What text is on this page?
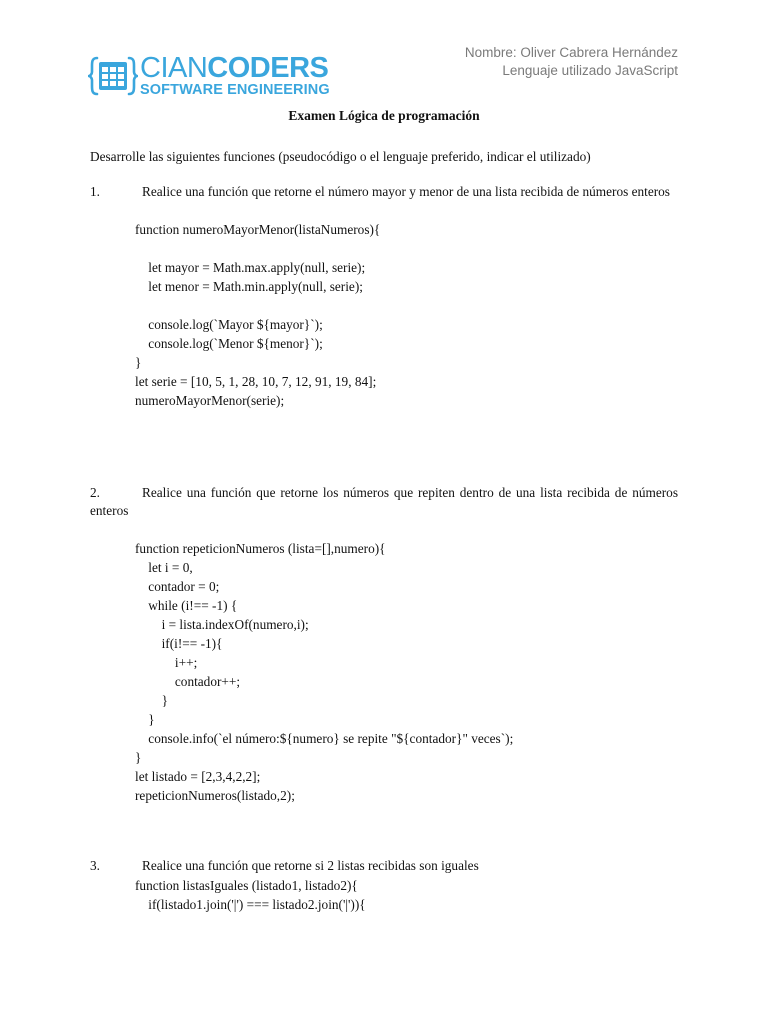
CIANCODERS
SOFTWARE ENGINEERING
Nombre: Oliver Cabrera Hernández
Lenguaje utilizado JavaScript
Examen Lógica de programación
Desarrolle las siguientes funciones (pseudocódigo o el lenguaje preferido, indicar el utilizado)
1.	Realice una función que retorne el número mayor y menor de una lista recibida de números enteros
function numeroMayorMenor(listaNumeros){
let mayor = Math.max.apply(null, serie);
let menor = Math.min.apply(null, serie);
console.log(`Mayor ${mayor}`);
console.log(`Menor ${menor}`);
}
let serie = [10, 5, 1, 28, 10, 7, 12, 91, 19, 84];
numeroMayorMenor(serie);
2.	Realice una función que retorne los números que repiten dentro de una lista recibida de números enteros
function repeticionNumeros (lista=[],numero){
let i = 0,
contador = 0;
while (i!== -1) {
i = lista.indexOf(numero,i);
if(i!== -1){
i++;
contador++;
}
}
console.info(`el número:${numero} se repite "${contador}" veces`);
}
let listado = [2,3,4,2,2];
repeticionNumeros(listado,2);
3.	Realice una función que retorne si 2 listas recibidas son iguales
function listasIguales (listado1, listado2){
if(listado1.join('|') === listado2.join('|')){
